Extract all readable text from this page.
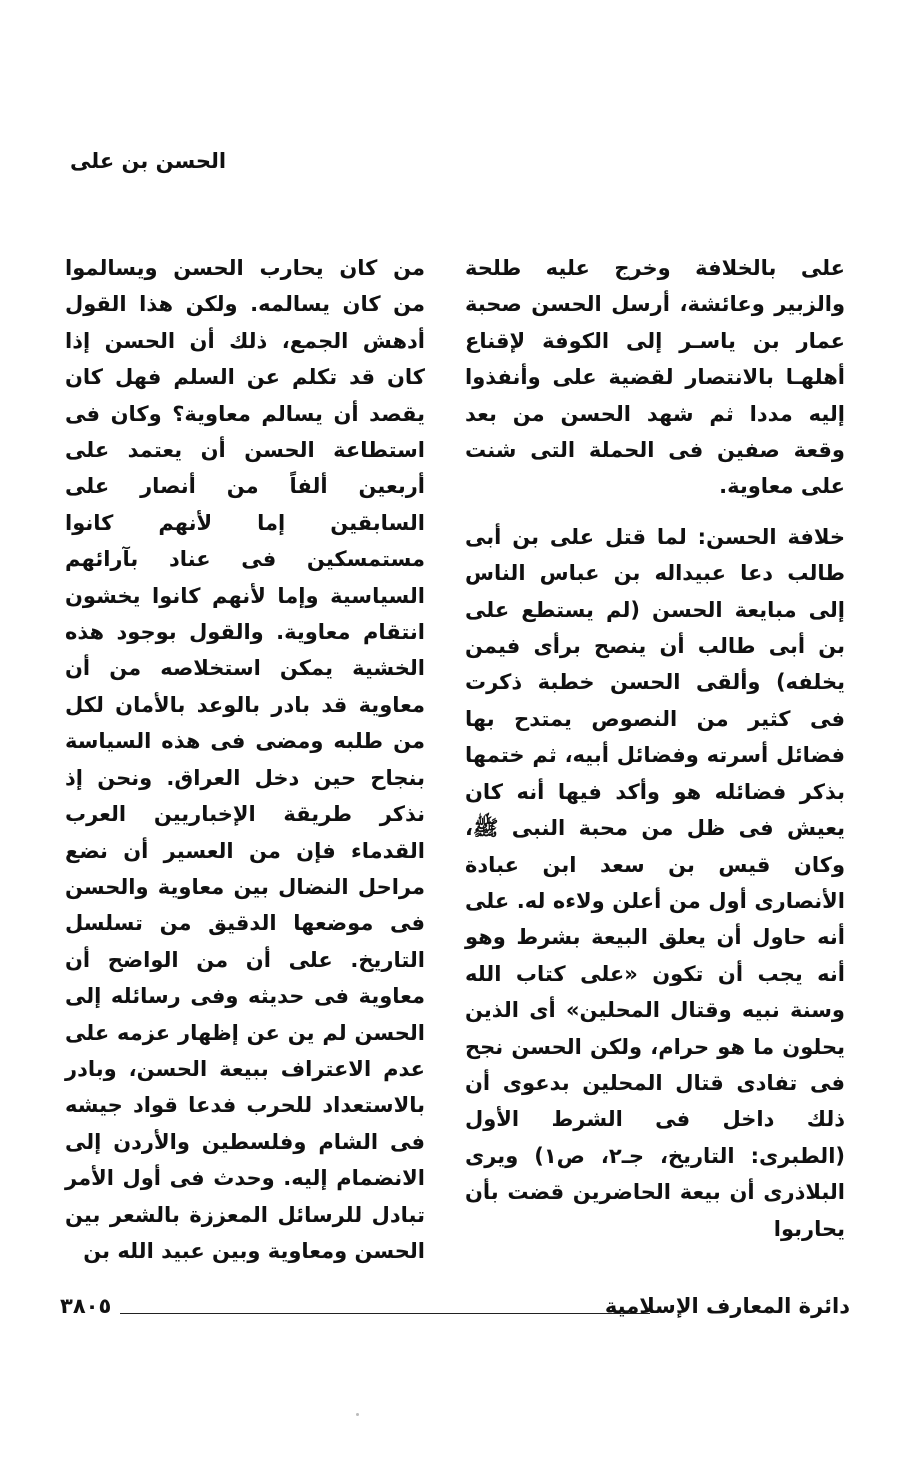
الحسن بن على

على بالخلافة وخرج عليه طلحة والزبير وعائشة، أرسل الحسن صحبة عمار بن ياسـر إلى الكوفة لإقناع أهلهـا بالانتصار لقضية على وأنفذوا إليه مددا ثم شهد الحسن من بعد وقعة صفين فى الحملة التى شنت على معاوية.

خلافة الحسن: لما قتل على بن أبى طالب دعا عبيداله بن عباس الناس إلى مبايعة الحسن (لم يستطع على بن أبى طالب أن ينصح برأى فيمن يخلفه) وألقى الحسن خطبة ذكرت فى كثير من النصوص يمتدح بها فضائل أسرته وفضائل أبيه، ثم ختمها بذكر فضائله هو وأكد فيها أنه كان يعيش فى ظل من محبة النبى ﷺ، وكان قيس بن سعد ابن عبادة الأنصارى أول من أعلن ولاءه له. على أنه حاول أن يعلق البيعة بشرط وهو أنه يجب أن تكون «على كتاب الله وسنة نبيه وقتال المحلين» أى الذين يحلون ما هو حرام، ولكن الحسن نجح فى تفادى قتال المحلين بدعوى أن ذلك داخل فى الشرط الأول (الطبرى: التاريخ، جـ٢، ص١) ويرى البلاذرى أن بيعة الحاضرين قضت بأن يحاربوا

من كان يحارب الحسن ويسالموا من كان يسالمه. ولكن هذا القول أدهش الجمع، ذلك أن الحسن إذا كان قد تكلم عن السلم فهل كان يقصد أن يسالم معاوية؟ وكان فى استطاعة الحسن أن يعتمد على أربعين ألفاً من أنصار على السابقين إما لأنهم كانوا مستمسكين فى عناد بآرائهم السياسية وإما لأنهم كانوا يخشون انتقام معاوية. والقول بوجود هذه الخشية يمكن استخلاصه من أن معاوية قد بادر بالوعد بالأمان لكل من طلبه ومضى فى هذه السياسة بنجاح حين دخل العراق. ونحن إذ نذكر طريقة الإخباريين العرب القدماء فإن من العسير أن نضع مراحل النضال بين معاوية والحسن فى موضعها الدقيق من تسلسل التاريخ. على أن من الواضح أن معاوية فى حديثه وفى رسائله إلى الحسن لم ين عن إظهار عزمه على عدم الاعتراف ببيعة الحسن، وبادر بالاستعداد للحرب فدعا قواد جيشه فى الشام وفلسطين والأردن إلى الانضمام إليه. وحدث فى أول الأمر تبادل للرسائل المعززة بالشعر بين الحسن ومعاوية وبين عبيد الله بن

دائرة المعارف الإسلامية
٣٨٠٥
